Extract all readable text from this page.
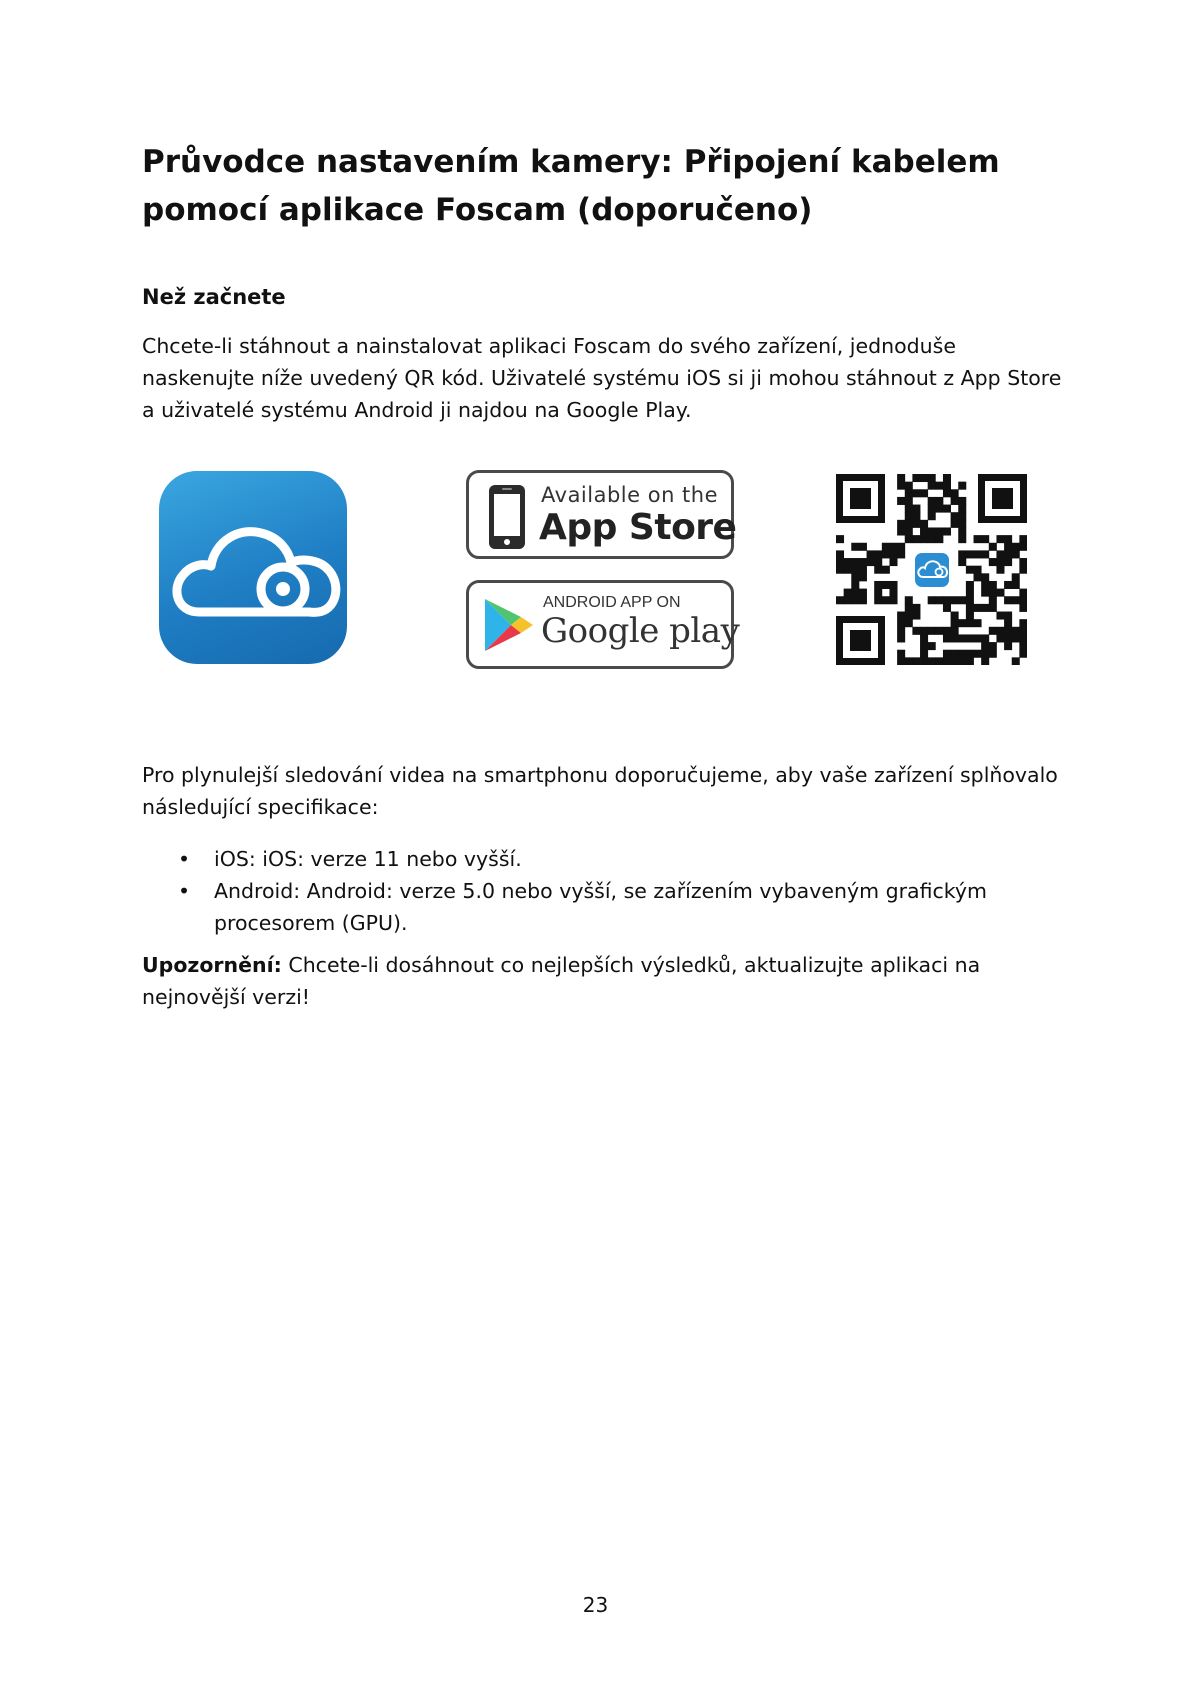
Průvodce nastavením kamery: Připojení kabelem pomocí aplikace Foscam (doporučeno)
Než začnete

Chcete-li stáhnout a nainstalovat aplikaci Foscam do svého zařízení, jednoduše naskenujte níže uvedený QR kód. Uživatelé systému iOS si ji mohou stáhnout z App Store a uživatelé systému Android ji najdou na Google Play.

Available on the
App Store
ANDROID APP ON
Google play

Pro plynulejší sledování videa na smartphonu doporučujeme, aby vaše zařízení splňovalo následující specifikace:

• iOS: iOS: verze 11 nebo vyšší.
• Android: Android: verze 5.0 nebo vyšší, se zařízením vybaveným grafickým procesorem (GPU).

Upozornění: Chcete-li dosáhnout co nejlepších výsledků, aktualizujte aplikaci na nejnovější verzi!

23
